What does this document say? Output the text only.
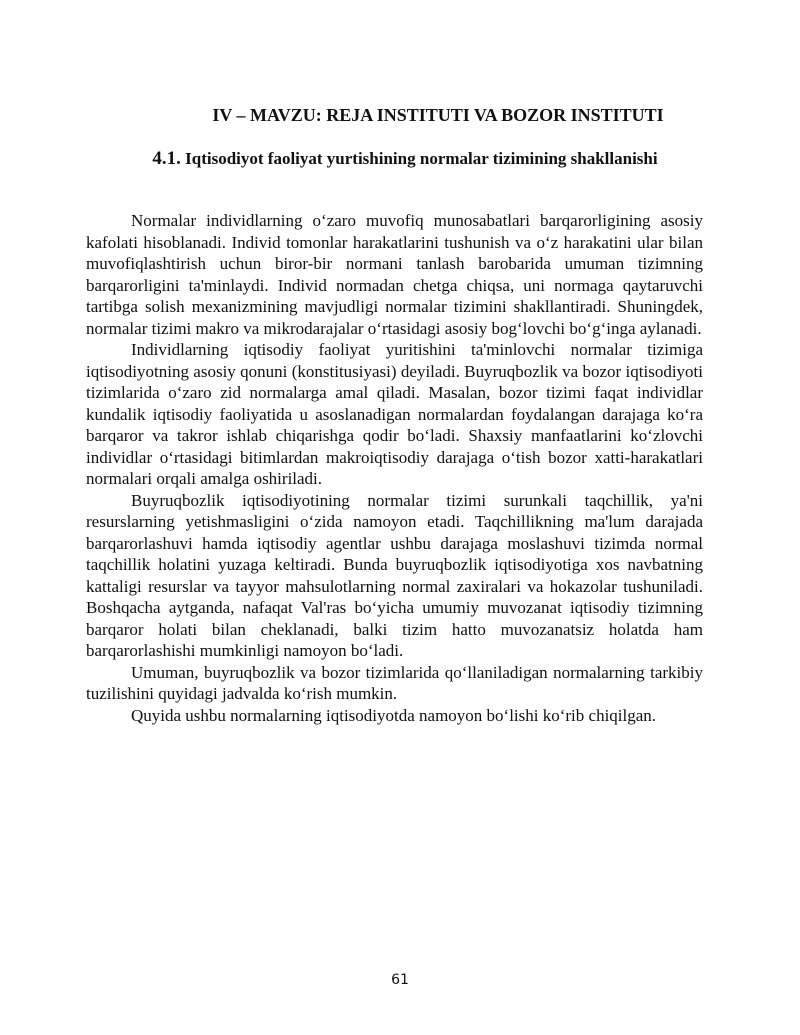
IV – MAVZU: REJA INSTITUTI VA BOZOR INSTITUTI
4.1. Iqtisodiyot faoliyat yurtishining normalar tizimining shakllanishi

Normalar individlarning o‘zaro muvofiq munosabatlari barqarorligining asosiy kafolati hisoblanadi. Individ tomonlar harakatlarini tushunish va o‘z harakatini ular bilan muvofiqlashtirish uchun biror-bir normani tanlash barobarida umuman tizimning barqarorligini ta'minlaydi. Individ normadan chetga chiqsa, uni normaga qaytaruvchi tartibga solish mexanizmining mavjudligi normalar tizimini shakllantiradi. Shuningdek, normalar tizimi makro va mikrodarajalar o‘rtasidagi asosiy bog‘lovchi bo‘g‘inga aylanadi.

Individlarning iqtisodiy faoliyat yuritishini ta'minlovchi normalar tizimiga iqtisodiyotning asosiy qonuni (konstitusiyasi) deyiladi. Buyruqbozlik va bozor iqtisodiyoti tizimlarida o‘zaro zid normalarga amal qiladi. Masalan, bozor tizimi faqat individlar kundalik iqtisodiy faoliyatida u asoslanadigan normalardan foydalangan darajaga ko‘ra barqaror va takror ishlab chiqarishga qodir bo‘ladi. Shaxsiy manfaatlarini ko‘zlovchi individlar o‘rtasidagi bitimlardan makroiqtisodiy darajaga o‘tish bozor xatti-harakatlari normalari orqali amalga oshiriladi.

Buyruqbozlik iqtisodiyotining normalar tizimi surunkali taqchillik, ya'ni resurslarning yetishmasligini o‘zida namoyon etadi. Taqchillikning ma'lum darajada barqarorlashuvi hamda iqtisodiy agentlar ushbu darajaga moslashuvi tizimda normal taqchillik holatini yuzaga keltiradi. Bunda buyruqbozlik iqtisodiyotiga xos navbatning kattaligi resurslar va tayyor mahsulotlarning normal zaxiralari va hokazolar tushuniladi. Boshqacha aytganda, nafaqat Val'ras bo‘yicha umumiy muvozanat iqtisodiy tizimning barqaror holati bilan cheklanadi, balki tizim hatto muvozanatsiz holatda ham barqarorlashishi mumkinligi namoyon bo‘ladi.

Umuman, buyruqbozlik va bozor tizimlarida qo‘llaniladigan normalarning tarkibiy tuzilishini quyidagi jadvalda ko‘rish mumkin.

Quyida ushbu normalarning iqtisodiyotda namoyon bo‘lishi ko‘rib chiqilgan.

61
